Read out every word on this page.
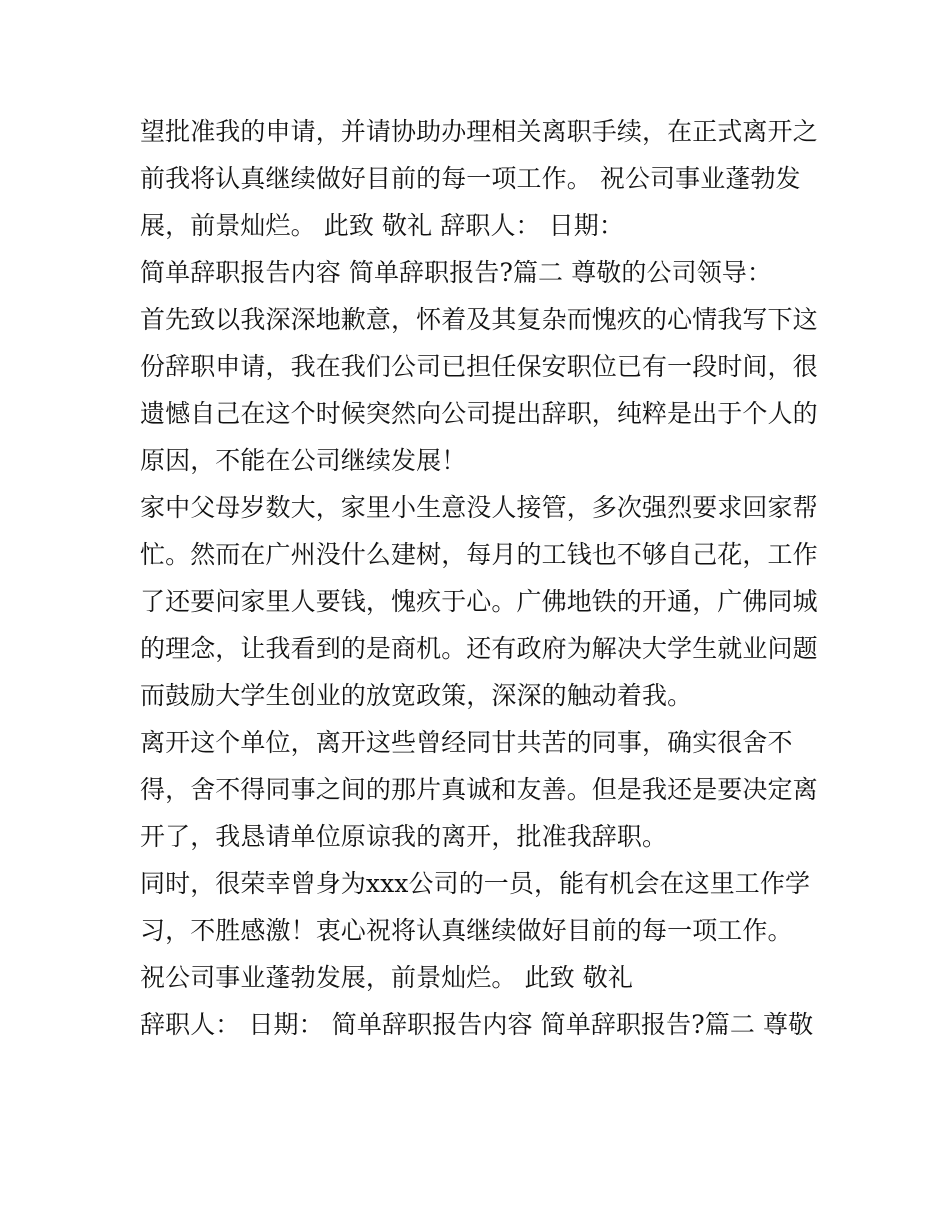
望批准我的申请，并请协助办理相关离职手续，在正式离开之
前我将认真继续做好目前的每一项工作。 祝公司事业蓬勃发
展，前景灿烂。 此致 敬礼 辞职人： 日期：
简单辞职报告内容 简单辞职报告?篇二 尊敬的公司领导：
首先致以我深深地歉意，怀着及其复杂而愧疚的心情我写下这
份辞职申请，我在我们公司已担任保安职位已有一段时间，很
遗憾自己在这个时候突然向公司提出辞职，纯粹是出于个人的
原因，不能在公司继续发展！
家中父母岁数大，家里小生意没人接管，多次强烈要求回家帮
忙。然而在广州没什么建树，每月的工钱也不够自己花，工作
了还要问家里人要钱，愧疚于心。广佛地铁的开通，广佛同城
的理念，让我看到的是商机。还有政府为解决大学生就业问题
而鼓励大学生创业的放宽政策，深深的触动着我。
离开这个单位，离开这些曾经同甘共苦的同事，确实很舍不
得，舍不得同事之间的那片真诚和友善。但是我还是要决定离
开了，我恳请单位原谅我的离开，批准我辞职。
同时，很荣幸曾身为xxx公司的一员，能有机会在这里工作学
习，不胜感激！衷心祝将认真继续做好目前的每一项工作。
祝公司事业蓬勃发展，前景灿烂。 此致 敬礼
辞职人： 日期： 简单辞职报告内容 简单辞职报告?篇二 尊敬
